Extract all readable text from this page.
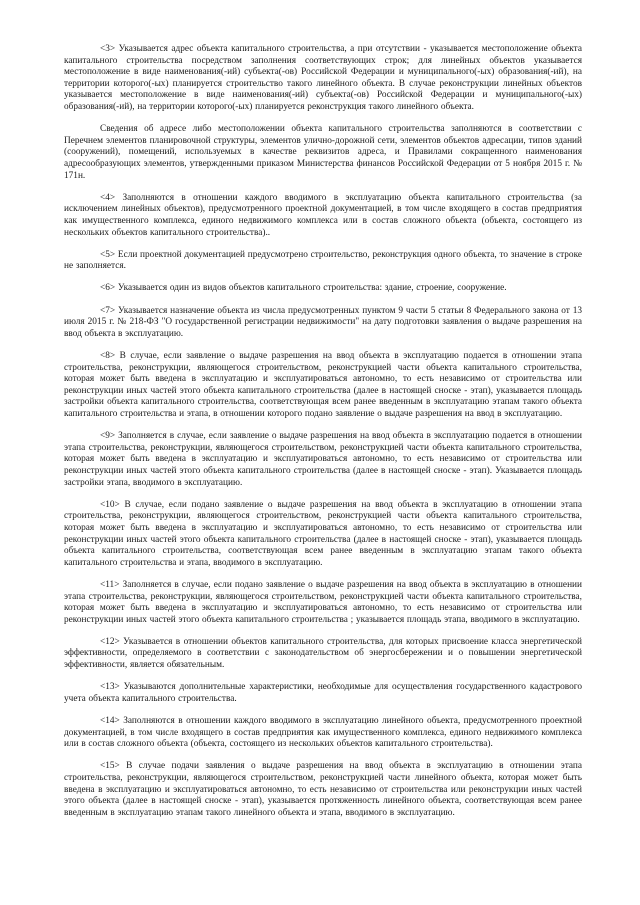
<3> Указывается адрес объекта капитального строительства, а при отсутствии - указывается местоположение объекта капитального строительства посредством заполнения соответствующих строк; для линейных объектов указывается местоположение в виде наименования(-ий) субъекта(-ов) Российской Федерации и муниципального(-ых) образования(-ий), на территории которого(-ых) планируется строительство такого линейного объекта. В случае реконструкции линейных объектов указывается местоположение в виде наименования(-ий) субъекта(-ов) Российской Федерации и муниципального(-ых) образования(-ий), на территории которого(-ых) планируется реконструкция такого линейного объекта.

Сведения об адресе либо местоположении объекта капитального строительства заполняются в соответствии с Перечнем элементов планировочной структуры, элементов улично-дорожной сети, элементов объектов адресации, типов зданий (сооружений), помещений, используемых в качестве реквизитов адреса, и Правилами сокращенного наименования адресообразующих элементов, утвержденными приказом Министерства финансов Российской Федерации от 5 ноября 2015 г. № 171н.

<4> Заполняются в отношении каждого вводимого в эксплуатацию объекта капитального строительства (за исключением линейных объектов), предусмотренного проектной документацией, в том числе входящего в состав предприятия как имущественного комплекса, единого недвижимого комплекса или в состав сложного объекта (объекта, состоящего из нескольких объектов капитального строительства)..

<5> Если проектной документацией предусмотрено строительство, реконструкция одного объекта, то значение в строке не заполняется.

<6> Указывается один из видов объектов капитального строительства: здание, строение, сооружение.

<7> Указывается назначение объекта из числа предусмотренных пунктом 9 части 5 статьи 8 Федерального закона от 13 июля 2015 г. № 218-ФЗ "О государственной регистрации недвижимости" на дату подготовки заявления о выдаче разрешения на ввод объекта в эксплуатацию.

<8> В случае, если заявление о выдаче разрешения на ввод объекта в эксплуатацию подается в отношении этапа строительства, реконструкции, являющегося строительством, реконструкцией части объекта капитального строительства, которая может быть введена в эксплуатацию и эксплуатироваться автономно, то есть независимо от строительства или реконструкции иных частей этого объекта капитального строительства (далее в настоящей сноске - этап), указывается площадь застройки объекта капитального строительства, соответствующая всем ранее введенным в эксплуатацию этапам такого объекта капитального строительства и этапа, в отношении которого подано заявление о выдаче разрешения на ввод в эксплуатацию.

<9> Заполняется в случае, если заявление о выдаче разрешения на ввод объекта в эксплуатацию подается в отношении этапа строительства, реконструкции, являющегося строительством, реконструкцией части объекта капитального строительства, которая может быть введена в эксплуатацию и эксплуатироваться автономно, то есть независимо от строительства или реконструкции иных частей этого объекта капитального строительства (далее в настоящей сноске - этап). Указывается площадь застройки этапа, вводимого в эксплуатацию.

<10> В случае, если подано заявление о выдаче разрешения на ввод объекта в эксплуатацию в отношении этапа строительства, реконструкции, являющегося строительством, реконструкцией части объекта капитального строительства, которая может быть введена в эксплуатацию и эксплуатироваться автономно, то есть независимо от строительства или реконструкции иных частей этого объекта капитального строительства (далее в настоящей сноске - этап), указывается площадь объекта капитального строительства, соответствующая всем ранее введенным в эксплуатацию этапам такого объекта капитального строительства и этапа, вводимого в эксплуатацию.

<11> Заполняется в случае, если подано заявление о выдаче разрешения на ввод объекта в эксплуатацию в отношении этапа строительства, реконструкции, являющегося строительством, реконструкцией части объекта капитального строительства, которая может быть введена в эксплуатацию и эксплуатироваться автономно, то есть независимо от строительства или реконструкции иных частей этого объекта капитального строительства ; указывается площадь этапа, вводимого в эксплуатацию.

<12> Указывается в отношении объектов капитального строительства, для которых присвоение класса энергетической эффективности, определяемого в соответствии с законодательством об энергосбережении и о повышении энергетической эффективности, является обязательным.

<13> Указываются дополнительные характеристики, необходимые для осуществления государственного кадастрового учета объекта капитального строительства.

<14> Заполняются в отношении каждого вводимого в эксплуатацию линейного объекта, предусмотренного проектной документацией, в том числе входящего в состав предприятия как имущественного комплекса, единого недвижимого комплекса или в состав сложного объекта (объекта, состоящего из нескольких объектов капитального строительства).

<15> В случае подачи заявления о выдаче разрешения на ввод объекта в эксплуатацию в отношении этапа строительства, реконструкции, являющегося строительством, реконструкцией части линейного объекта, которая может быть введена в эксплуатацию и эксплуатироваться автономно, то есть независимо от строительства или реконструкции иных частей этого объекта (далее в настоящей сноске - этап), указывается протяженность линейного объекта, соответствующая всем ранее введенным в эксплуатацию этапам такого линейного объекта и этапа, вводимого в эксплуатацию.
